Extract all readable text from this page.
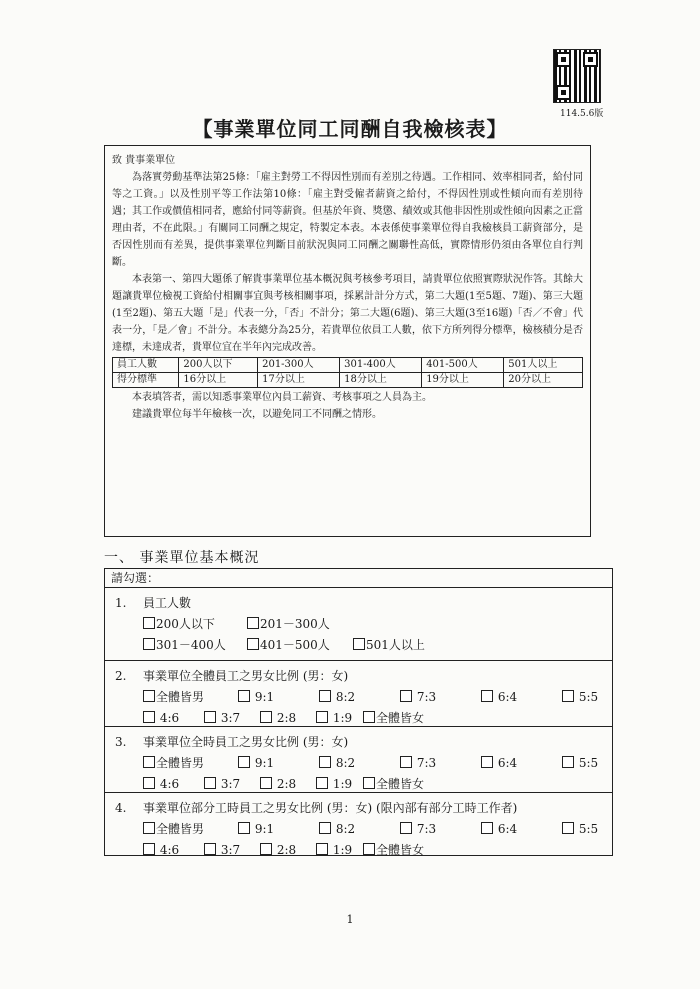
114.5.6版
【事業單位同工同酬自我檢核表】

致 貴事業單位

為落實勞動基準法第25條：「雇主對勞工不得因性別而有差別之待遇。工作相同、效率相同者，給付同等之工資。」以及性別平等工作法第10條：「雇主對受僱者薪資之給付，不得因性別或性傾向而有差別待遇；其工作或價值相同者，應給付同等薪資。但基於年資、獎懲、績效或其他非因性別或性傾向因素之正當理由者，不在此限。」有關同工同酬之規定，特製定本表。本表係使事業單位得自我檢核員工薪資部分，是否因性別而有差異，提供事業單位判斷目前狀況與同工同酬之關聯性高低，實際情形仍須由各單位自行判斷。

本表第一、第四大題係了解貴事業單位基本概況與考核參考項目，請貴單位依照實際狀況作答。其餘大題讓貴單位檢視工資給付相關事宜與考核相關事項，採累計計分方式，第二大題(1至5題、7題)、第三大題(1至2題)、第五大題「是」代表一分，「否」不計分；第二大題(6題)、第三大題(3至16題)「否／不會」代表一分，「是／會」不計分。本表總分為25分，若貴單位依員工人數，依下方所列得分標準，檢核積分是否達標，未達成者，貴單位宜在半年內完成改善。

員工人數	200人以下	201-300人	301-400人	401-500人	501人以上
得分標準	16分以上	17分以上	18分以上	19分以上	20分以上

本表填答者，需以知悉事業單位內員工薪資、考核事項之人員為主。

建議貴單位每半年檢核一次，以避免同工不同酬之情形。

一、 事業單位基本概況
請勾選：
1. 員工人數
200人以下	201－300人
301－400人	401－500人	501人以上
2. 事業單位全體員工之男女比例 (男：女)
全體皆男	9:1	8:2	7:3	6:4	5:5
4:6	3:7	2:8	1:9 全體皆女
3. 事業單位全時員工之男女比例 (男：女)
全體皆男	9:1	8:2	7:3	6:4	5:5
4:6	3:7	2:8	1:9 全體皆女
4. 事業單位部分工時員工之男女比例 (男：女) (限內部有部分工時工作者)
全體皆男	9:1	8:2	7:3	6:4	5:5
4:6	3:7	2:8	1:9 全體皆女
1
